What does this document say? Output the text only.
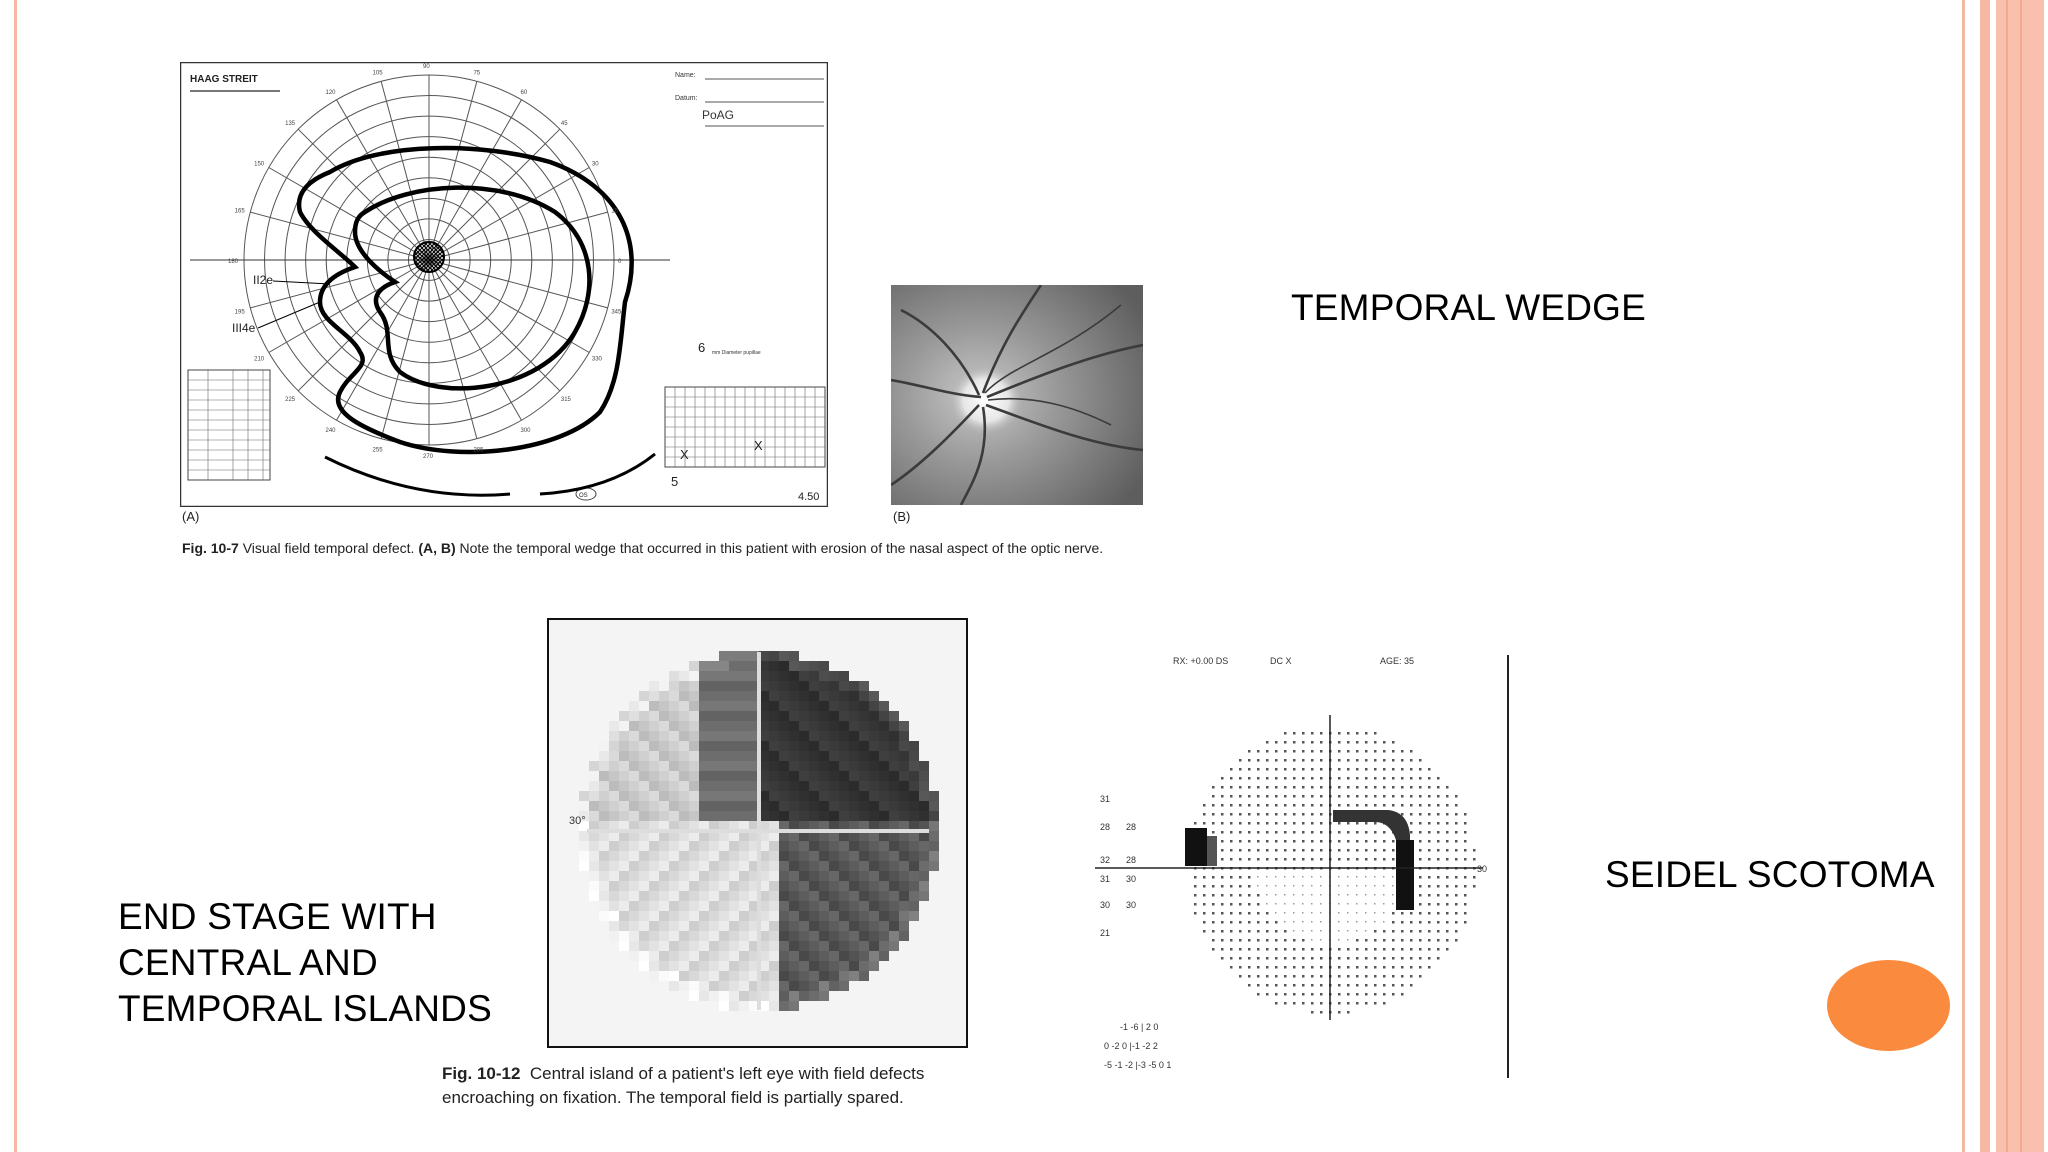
TEMPORAL WEDGE
SEIDEL SCOTOMA
END STAGE WITH
CENTRAL AND
TEMPORAL ISLANDS
HAAG STREIT	Name:
Datum:
PoAG
II2e
III4e
X
X
6 mm Diameter pupillae
5
4.50
OS
105
90
75
60
45
30
15
0
345
330
315
300
285
270
255
240
225
210
195
180
165
150
135
120
(A)	(B)
Fig. 10-7 Visual field temporal defect. (A, B) Note the temporal wedge that occurred in this patient with erosion of the nasal aspect of the optic nerve.
30°
Fig. 10-12 Central island of a patient's left eye with field defects
encroaching on fixation. The temporal field is partially spared.
RX: +0.00 DS	DC X	AGE: 35
30
31
28 28
32 28
31 30
30 30
21
-1 -6 | 2 0
0 -2 0 |-1 -2 2
-5 -1 -2 |-3 -5 0 1
